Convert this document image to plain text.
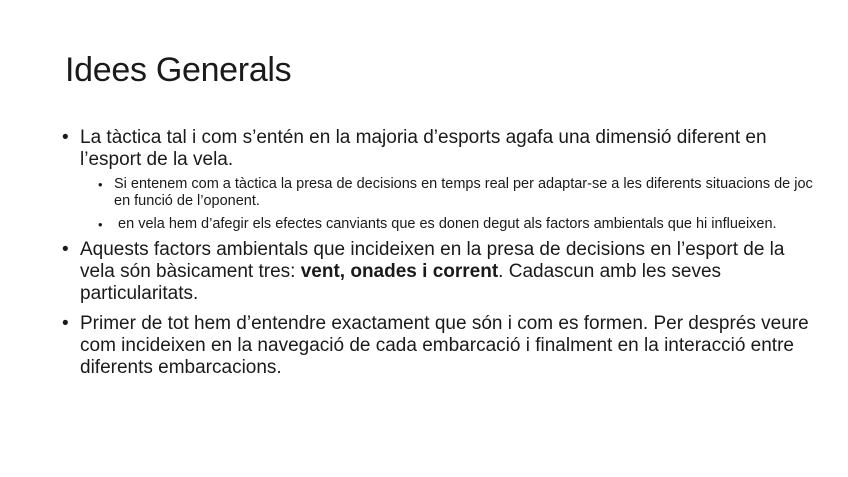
Idees Generals
• La tàctica tal i com s’entén en la majoria d’esports agafa una dimensió diferent en l’esport de la vela.
• Si entenem com a tàctica la presa de decisions en temps real per adaptar-se a les diferents situacions de joc en funció de l’oponent.
• en vela hem d’afegir els efectes canviants que es donen degut als factors ambientals que hi influeixen.
• Aquests factors ambientals que incideixen en la presa de decisions en l’esport de la vela són bàsicament tres: vent, onades i corrent. Cadascun amb les seves particularitats.
• Primer de tot hem d’entendre exactament que són i com es formen. Per després veure com incideixen en la navegació de cada embarcació i finalment en la interacció entre diferents embarcacions.
